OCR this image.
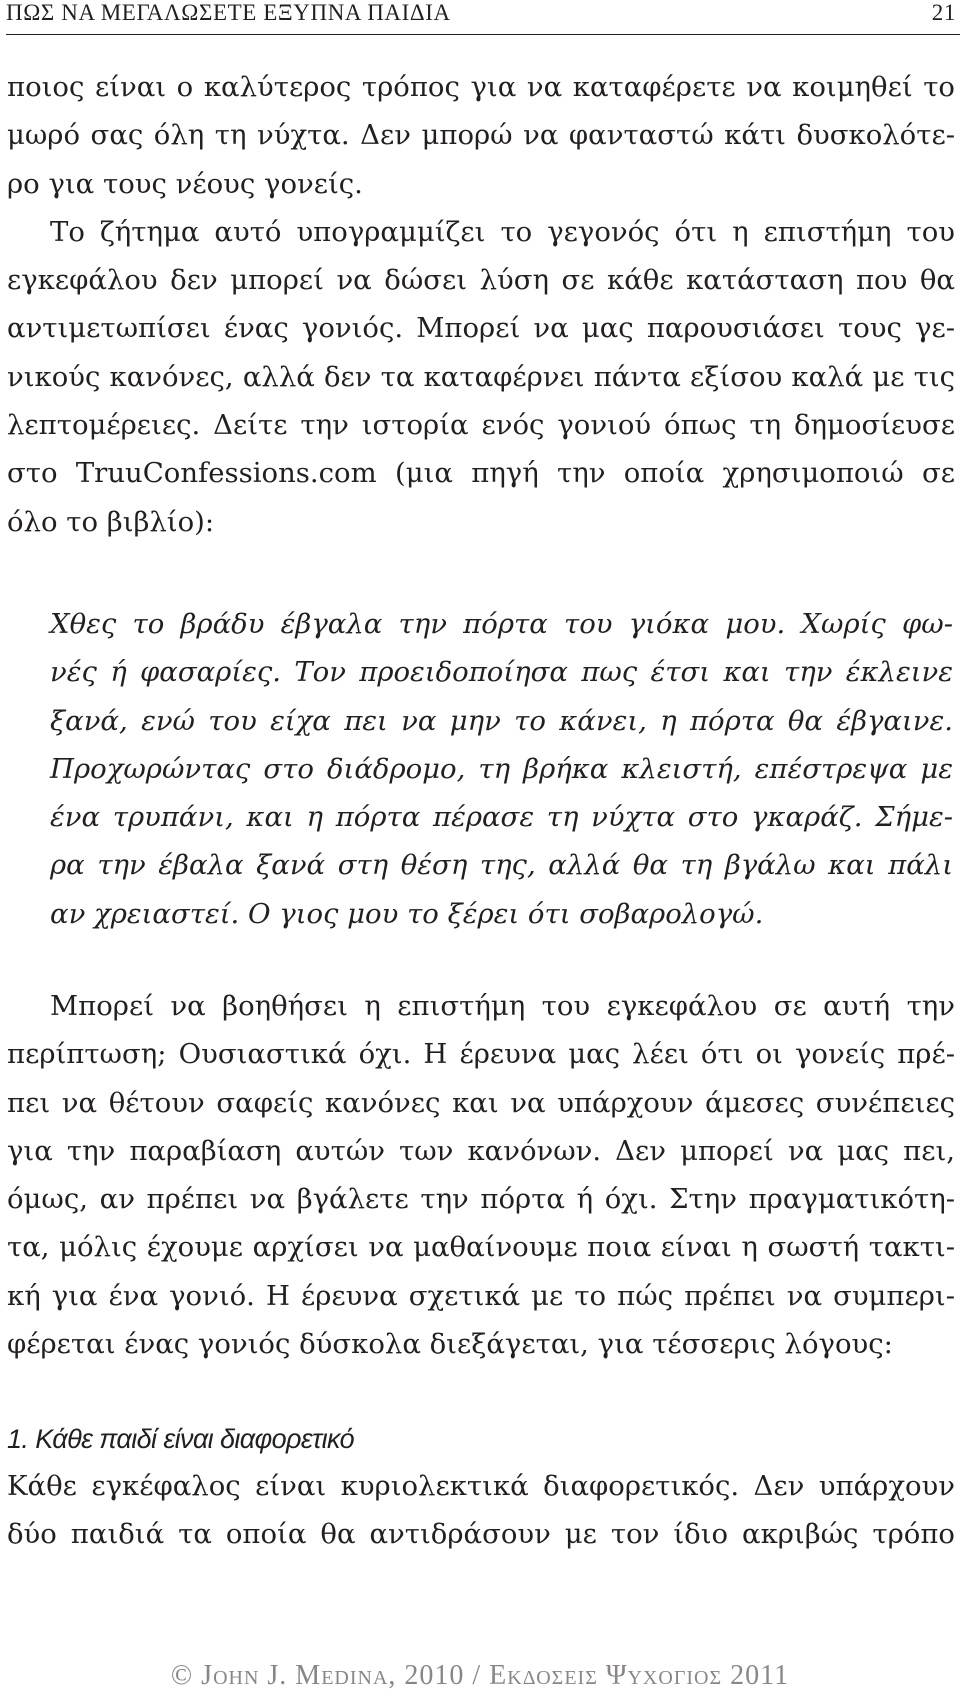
ΠΩΣ ΝΑ ΜΕΓΑΛΩΣΕΤΕ ΕΞΥΠΝΑ ΠΑΙΔΙΑ	21
ποιος είναι ο καλύτερος τρόπος για να καταφέρετε να κοιμηθεί το
μωρό σας όλη τη νύχτα. Δεν μπορώ να φανταστώ κάτι δυσκολότε-
ρο για τους νέους γονείς.
Το ζήτημα αυτό υπογραμμίζει το γεγονός ότι η επιστήμη του
εγκεφάλου δεν μπορεί να δώσει λύση σε κάθε κατάσταση που θα
αντιμετωπίσει ένας γονιός. Μπορεί να μας παρουσιάσει τους γε-
νικούς κανόνες, αλλά δεν τα καταφέρνει πάντα εξίσου καλά με τις
λεπτομέρειες. Δείτε την ιστορία ενός γονιού όπως τη δημοσίευσε
στο TruuConfessions.com (μια πηγή την οποία χρησιμοποιώ σε
όλο το βιβλίο):
Χθες το βράδυ έβγαλα την πόρτα του γιόκα μου. Χωρίς φω-
νές ή φασαρίες. Τον προειδοποίησα πως έτσι και την έκλεινε
ξανά, ενώ του είχα πει να μην το κάνει, η πόρτα θα έβγαινε.
Προχωρώντας στο διάδρομο, τη βρήκα κλειστή, επέστρεψα με
ένα τρυπάνι, και η πόρτα πέρασε τη νύχτα στο γκαράζ. Σήμε-
ρα την έβαλα ξανά στη θέση της, αλλά θα τη βγάλω και πάλι
αν χρειαστεί. Ο γιος μου το ξέρει ότι σοβαρολογώ.
Μπορεί να βοηθήσει η επιστήμη του εγκεφάλου σε αυτή την
περίπτωση; Ουσιαστικά όχι. Η έρευνα μας λέει ότι οι γονείς πρέ-
πει να θέτουν σαφείς κανόνες και να υπάρχουν άμεσες συνέπειες
για την παραβίαση αυτών των κανόνων. Δεν μπορεί να μας πει,
όμως, αν πρέπει να βγάλετε την πόρτα ή όχι. Στην πραγματικότη-
τα, μόλις έχουμε αρχίσει να μαθαίνουμε ποια είναι η σωστή τακτι-
κή για ένα γονιό. Η έρευνα σχετικά με το πώς πρέπει να συμπερι-
φέρεται ένας γονιός δύσκολα διεξάγεται, για τέσσερις λόγους:
1. Κάθε παιδί είναι διαφορετικό
Κάθε εγκέφαλος είναι κυριολεκτικά διαφορετικός. Δεν υπάρχουν
δύο παιδιά τα οποία θα αντιδράσουν με τον ίδιο ακριβώς τρόπο
© John J. Medina, 2010 / Εκδοσεισ Ψυχογιοσ 2011
